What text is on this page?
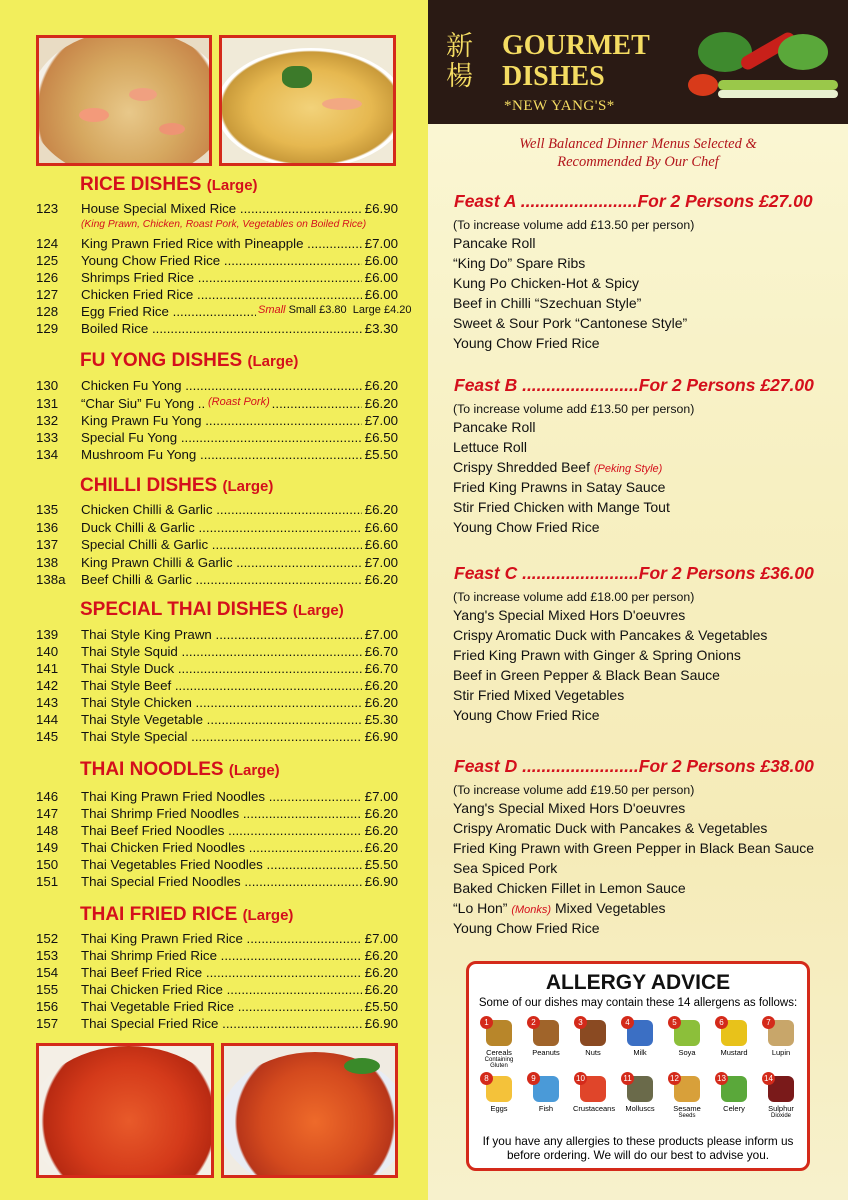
RICE DISHES (Large)
FU YONG DISHES (Large)
CHILLI DISHES (Large)
SPECIAL THAI DISHES (Large)
THAI NOODLES (Large)
THAI FRIED RICE (Large)
123	House Special Mixed Rice .....	£6.90
124	King Prawn Fried Rice with Pineapple .....	£7.00
125	Young Chow Fried Rice .....	£6.00
126	Shrimps Fried Rice .....	£6.00
127	Chicken Fried Rice .....	£6.00
128	Egg Fried Rice .....	Small Small £3.80 Large £4.20
129	Boiled Rice .....	£3.30
130	Chicken Fu Yong .....	£6.20
131	“Char Siu” Fu Yong .....	£6.20
(Roast Pork)
132	King Prawn Fu Yong .....	£7.00
133	Special Fu Yong .....	£6.50
134	Mushroom Fu Yong .....	£5.50
135	Chicken Chilli & Garlic .....	£6.20
136	Duck Chilli & Garlic .....	£6.60
137	Special Chilli & Garlic .....	£6.60
138	King Prawn Chilli & Garlic .....	£7.00
138a	Beef Chilli & Garlic .....	£6.20
139	Thai Style King Prawn .....	£7.00
140	Thai Style Squid .....	£6.70
141	Thai Style Duck .....	£6.70
142	Thai Style Beef .....	£6.20
143	Thai Style Chicken .....	£6.20
144	Thai Style Vegetable .....	£5.30
145	Thai Style Special .....	£6.90
146	Thai King Prawn Fried Noodles .....	£7.00
147	Thai Shrimp Fried Noodles .....	£6.20
148	Thai Beef Fried Noodles .....	£6.20
149	Thai Chicken Fried Noodles .....	£6.20
150	Thai Vegetables Fried Noodles .....	£5.50
151	Thai Special Fried Noodles .....	£6.90
152	Thai King Prawn Fried Rice .....	£7.00
153	Thai Shrimp Fried Rice .....	£6.20
154	Thai Beef Fried Rice .....	£6.20
155	Thai Chicken Fried Rice .....	£6.20
156	Thai Vegetable Fried Rice .....	£5.50
157	Thai Special Fried Rice .....	£6.90
(King Prawn, Chicken, Roast Pork, Vegetables on Boiled Rice)
新 楊
GOURMET
DISHES
*NEW YANG'S*
Well Balanced Dinner Menus Selected &
Recommended By Our Chef
Feast A ........................For 2 Persons £27.00
(To increase volume add £13.50 per person)
Pancake Roll
“King Do” Spare Ribs
Kung Po Chicken-Hot & Spicy
Beef in Chilli “Szechuan Style”
Sweet & Sour Pork “Cantonese Style”
Young Chow Fried Rice
Feast B ........................For 2 Persons £27.00
(To increase volume add £13.50 per person)
Pancake Roll
Lettuce Roll
Crispy Shredded Beef (Peking Style)
Fried King Prawns in Satay Sauce
Stir Fried Chicken with Mange Tout
Young Chow Fried Rice
Feast C ........................For 2 Persons £36.00
(To increase volume add £18.00 per person)
Yang's Special Mixed Hors D'oeuvres
Crispy Aromatic Duck with Pancakes & Vegetables
Fried King Prawn with Ginger & Spring Onions
Beef in Green Pepper & Black Bean Sauce
Stir Fried Mixed Vegetables
Young Chow Fried Rice
Feast D ........................For 2 Persons £38.00
(To increase volume add £19.50 per person)
Yang's Special Mixed Hors D'oeuvres
Crispy Aromatic Duck with Pancakes & Vegetables
Fried King Prawn with Green Pepper in Black Bean Sauce
Sea Spiced Pork
Baked Chicken Fillet in Lemon Sauce
“Lo Hon” (Monks) Mixed Vegetables
Young Chow Fried Rice
ALLERGY ADVICE
Some of our dishes may contain these 14 allergens as follows:
1
Cereals
Containing Gluten
2
Peanuts
3
Nuts
4
Milk
5
Soya
6
Mustard
7
Lupin
8
Eggs
9
Fish
10
Crustaceans
11
Molluscs
12
Sesame
Seeds
13
Celery
14
Sulphur
Dioxide
If you have any allergies to these products please inform us before ordering. We will do our best to advise you.
